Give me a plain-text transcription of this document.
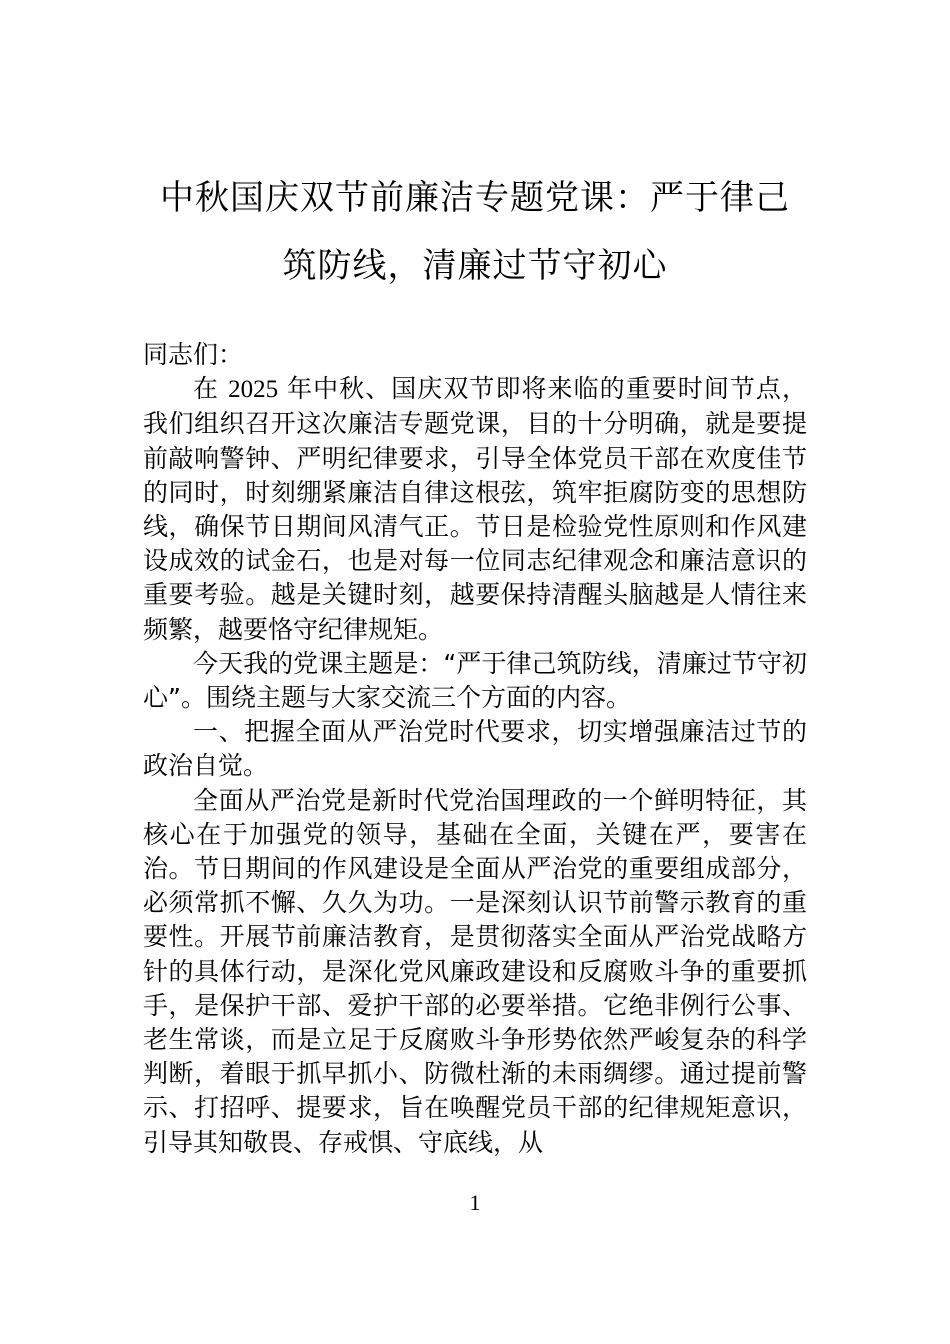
中秋国庆双节前廉洁专题党课：严于律己
筑防线，清廉过节守初心

同志们：

在 2025 年中秋、国庆双节即将来临的重要时间节点，我们组织召开这次廉洁专题党课，目的十分明确，就是要提前敲响警钟、严明纪律要求，引导全体党员干部在欢度佳节的同时，时刻绷紧廉洁自律这根弦，筑牢拒腐防变的思想防线，确保节日期间风清气正。节日是检验党性原则和作风建设成效的试金石，也是对每一位同志纪律观念和廉洁意识的重要考验。越是关键时刻，越要保持清醒头脑越是人情往来频繁，越要恪守纪律规矩。

今天我的党课主题是：“严于律己筑防线，清廉过节守初心”。围绕主题与大家交流三个方面的内容。

一、把握全面从严治党时代要求，切实增强廉洁过节的政治自觉。

全面从严治党是新时代党治国理政的一个鲜明特征，其核心在于加强党的领导，基础在全面，关键在严，要害在治。节日期间的作风建设是全面从严治党的重要组成部分，必须常抓不懈、久久为功。一是深刻认识节前警示教育的重要性。开展节前廉洁教育，是贯彻落实全面从严治党战略方针的具体行动，是深化党风廉政建设和反腐败斗争的重要抓手，是保护干部、爱护干部的必要举措。它绝非例行公事、老生常谈，而是立足于反腐败斗争形势依然严峻复杂的科学判断，着眼于抓早抓小、防微杜渐的未雨绸缪。通过提前警示、打招呼、提要求，旨在唤醒党员干部的纪律规矩意识，引导其知敬畏、存戒惧、守底线，从

1
